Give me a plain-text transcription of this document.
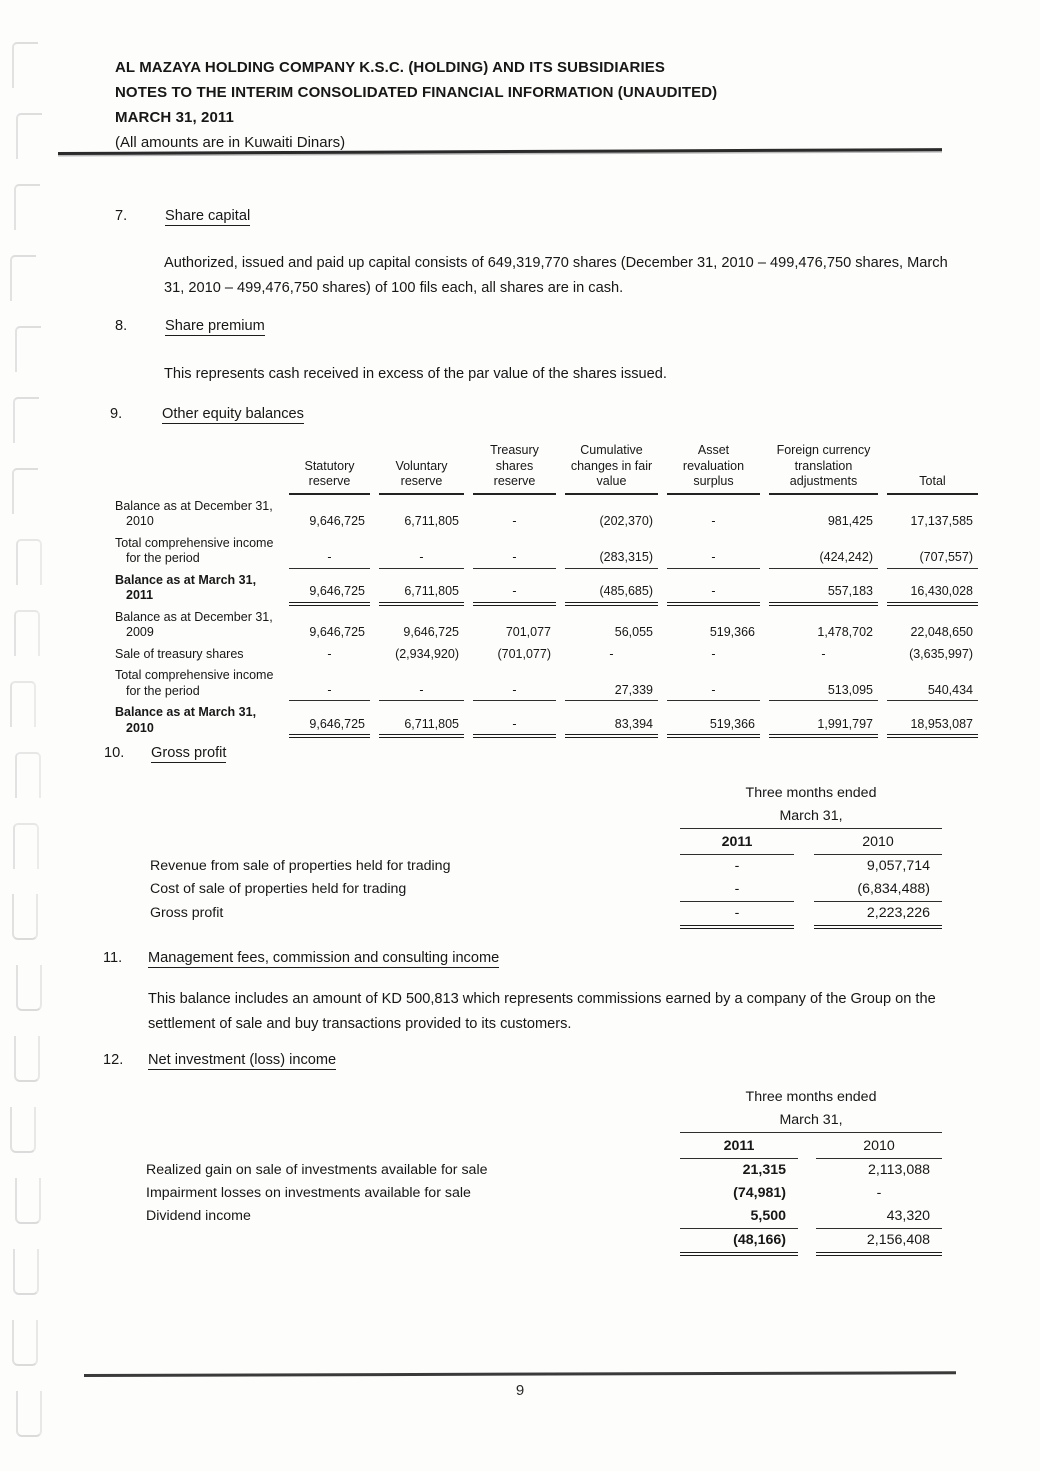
AL MAZAYA HOLDING COMPANY K.S.C. (HOLDING) AND ITS SUBSIDIARIES
NOTES TO THE INTERIM CONSOLIDATED FINANCIAL INFORMATION (UNAUDITED)
MARCH 31, 2011
(All amounts are in Kuwaiti Dinars)
7.	Share capital
Authorized, issued and paid up capital consists of 649,319,770 shares (December 31, 2010 – 499,476,750 shares, March 31, 2010 – 499,476,750 shares) of 100 fils each, all shares are in cash.
8.	Share premium
This represents cash received in excess of the par value of the shares issued.
9.	Other equity balances

	Statutory reserve	Voluntary reserve	Treasury shares reserve	Cumulative changes in fair value	Asset revaluation surplus	Foreign currency translation adjustments	Total

Balance as at December 31, 2010	9,646,725	6,711,805	-	(202,370)	-	981,425	17,137,585

Total comprehensive income for the period	-	-	-	(283,315)	-	(424,242)	(707,557)

Balance as at March 31, 2011	9,646,725	6,711,805	-	(485,685)	-	557,183	16,430,028

Balance as at December 31, 2009	9,646,725	9,646,725	701,077	56,055	519,366	1,478,702	22,048,650

Sale of treasury shares	-	(2,934,920)	(701,077)	-	-	-	(3,635,997)

Total comprehensive income for the period	-	-	-	27,339	-	513,095	540,434

Balance as at March 31, 2010	9,646,725	6,711,805	-	83,394	519,366	1,991,797	18,953,087
10. Gross profit
Three months ended
March 31,
2011	2010
Revenue from sale of properties held for trading	-	9,057,714
Cost of sale of properties held for trading	-	(6,834,488)
Gross profit	-	2,223,226
11. Management fees, commission and consulting income
This balance includes an amount of KD 500,813 which represents commissions earned by a company of the Group on the settlement of sale and buy transactions provided to its customers.
12. Net investment (loss) income
Three months ended
March 31,
2011	2010
Realized gain on sale of investments available for sale	21,315	2,113,088
Impairment losses on investments available for sale	(74,981)	-
Dividend income	5,500	43,320
(48,166)	2,156,408
9
